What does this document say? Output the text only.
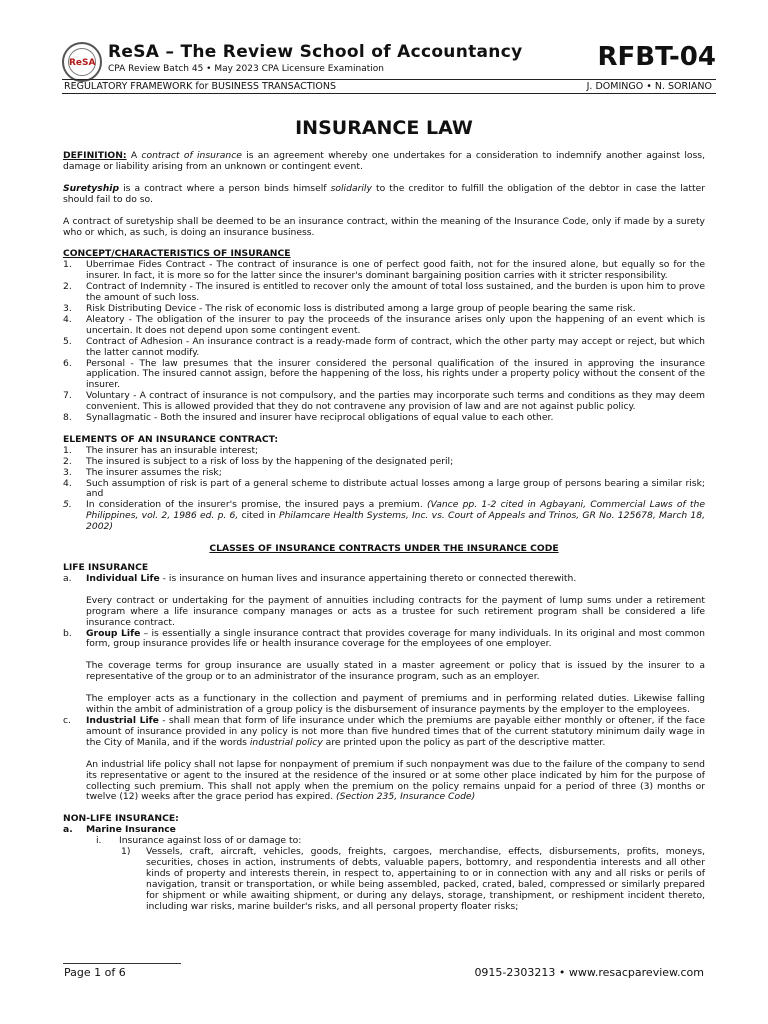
ReSA
ReSA – The Review School of Accountancy
CPA Review Batch 45 • May 2023 CPA Licensure Examination	RFBT-04
REGULATORY FRAMEWORK for BUSINESS TRANSACTIONS	J. DOMINGO • N. SORIANO
INSURANCE LAW

DEFINITION: A contract of insurance is an agreement whereby one undertakes for a consideration to indemnify another against loss, damage or liability arising from an unknown or contingent event.

Suretyship is a contract where a person binds himself solidarily to the creditor to fulfill the obligation of the debtor in case the latter should fail to do so.

A contract of suretyship shall be deemed to be an insurance contract, within the meaning of the Insurance Code, only if made by a surety who or which, as such, is doing an insurance business.

CONCEPT/CHARACTERISTICS OF INSURANCE
1.	Uberrimae Fides Contract - The contract of insurance is one of perfect good faith, not for the insured alone, but equally so for the insurer. In fact, it is more so for the latter since the insurer's dominant bargaining position carries with it stricter responsibility.
2.	Contract of Indemnity - The insured is entitled to recover only the amount of total loss sustained, and the burden is upon him to prove the amount of such loss.
3.	Risk Distributing Device - The risk of economic loss is distributed among a large group of people bearing the same risk.
4.	Aleatory - The obligation of the insurer to pay the proceeds of the insurance arises only upon the happening of an event which is uncertain. It does not depend upon some contingent event.
5.	Contract of Adhesion - An insurance contract is a ready-made form of contract, which the other party may accept or reject, but which the latter cannot modify.
6.	Personal - The law presumes that the insurer considered the personal qualification of the insured in approving the insurance application. The insured cannot assign, before the happening of the loss, his rights under a property policy without the consent of the insurer.
7.	Voluntary - A contract of insurance is not compulsory, and the parties may incorporate such terms and conditions as they may deem convenient. This is allowed provided that they do not contravene any provision of law and are not against public policy.
8.	Synallagmatic - Both the insured and insurer have reciprocal obligations of equal value to each other.
ELEMENTS OF AN INSURANCE CONTRACT:
1.	The insurer has an insurable interest;
2.	The insured is subject to a risk of loss by the happening of the designated peril;
3.	The insurer assumes the risk;
4.	Such assumption of risk is part of a general scheme to distribute actual losses among a large group of persons bearing a similar risk; and
5.	In consideration of the insurer's promise, the insured pays a premium. (Vance pp. 1-2 cited in Agbayani, Commercial Laws of the Philippines, vol. 2, 1986 ed. p. 6, cited in Philamcare Health Systems, Inc. vs. Court of Appeals and Trinos, GR No. 125678, March 18, 2002)
CLASSES OF INSURANCE CONTRACTS UNDER THE INSURANCE CODE
LIFE INSURANCE
a.	Individual Life - is insurance on human lives and insurance appertaining thereto or connected therewith.

Every contract or undertaking for the payment of annuities including contracts for the payment of lump sums under a retirement program where a life insurance company manages or acts as a trustee for such retirement program shall be considered a life insurance contract.

b.	Group Life – is essentially a single insurance contract that provides coverage for many individuals. In its original and most common form, group insurance provides life or health insurance coverage for the employees of one employer.

The coverage terms for group insurance are usually stated in a master agreement or policy that is issued by the insurer to a representative of the group or to an administrator of the insurance program, such as an employer.

The employer acts as a functionary in the collection and payment of premiums and in performing related duties. Likewise falling within the ambit of administration of a group policy is the disbursement of insurance payments by the employer to the employees.

c.	Industrial Life - shall mean that form of life insurance under which the premiums are payable either monthly or oftener, if the face amount of insurance provided in any policy is not more than five hundred times that of the current statutory minimum daily wage in the City of Manila, and if the words industrial policy are printed upon the policy as part of the descriptive matter.

An industrial life policy shall not lapse for nonpayment of premium if such nonpayment was due to the failure of the company to send its representative or agent to the insured at the residence of the insured or at some other place indicated by him for the purpose of collecting such premium. This shall not apply when the premium on the policy remains unpaid for a period of three (3) months or twelve (12) weeks after the grace period has expired. (Section 235, Insurance Code)

NON-LIFE INSURANCE:
a.	Marine Insurance
i.	Insurance against loss of or damage to:
1)	Vessels, craft, aircraft, vehicles, goods, freights, cargoes, merchandise, effects, disbursements, profits, moneys, securities, choses in action, instruments of debts, valuable papers, bottomry, and respondentia interests and all other kinds of property and interests therein, in respect to, appertaining to or in connection with any and all risks or perils of navigation, transit or transportation, or while being assembled, packed, crated, baled, compressed or similarly prepared for shipment or while awaiting shipment, or during any delays, storage, transhipment, or reshipment incident thereto, including war risks, marine builder's risks, and all personal property floater risks;
Page 1 of 6	0915-2303213 • www.resacpareview.com
